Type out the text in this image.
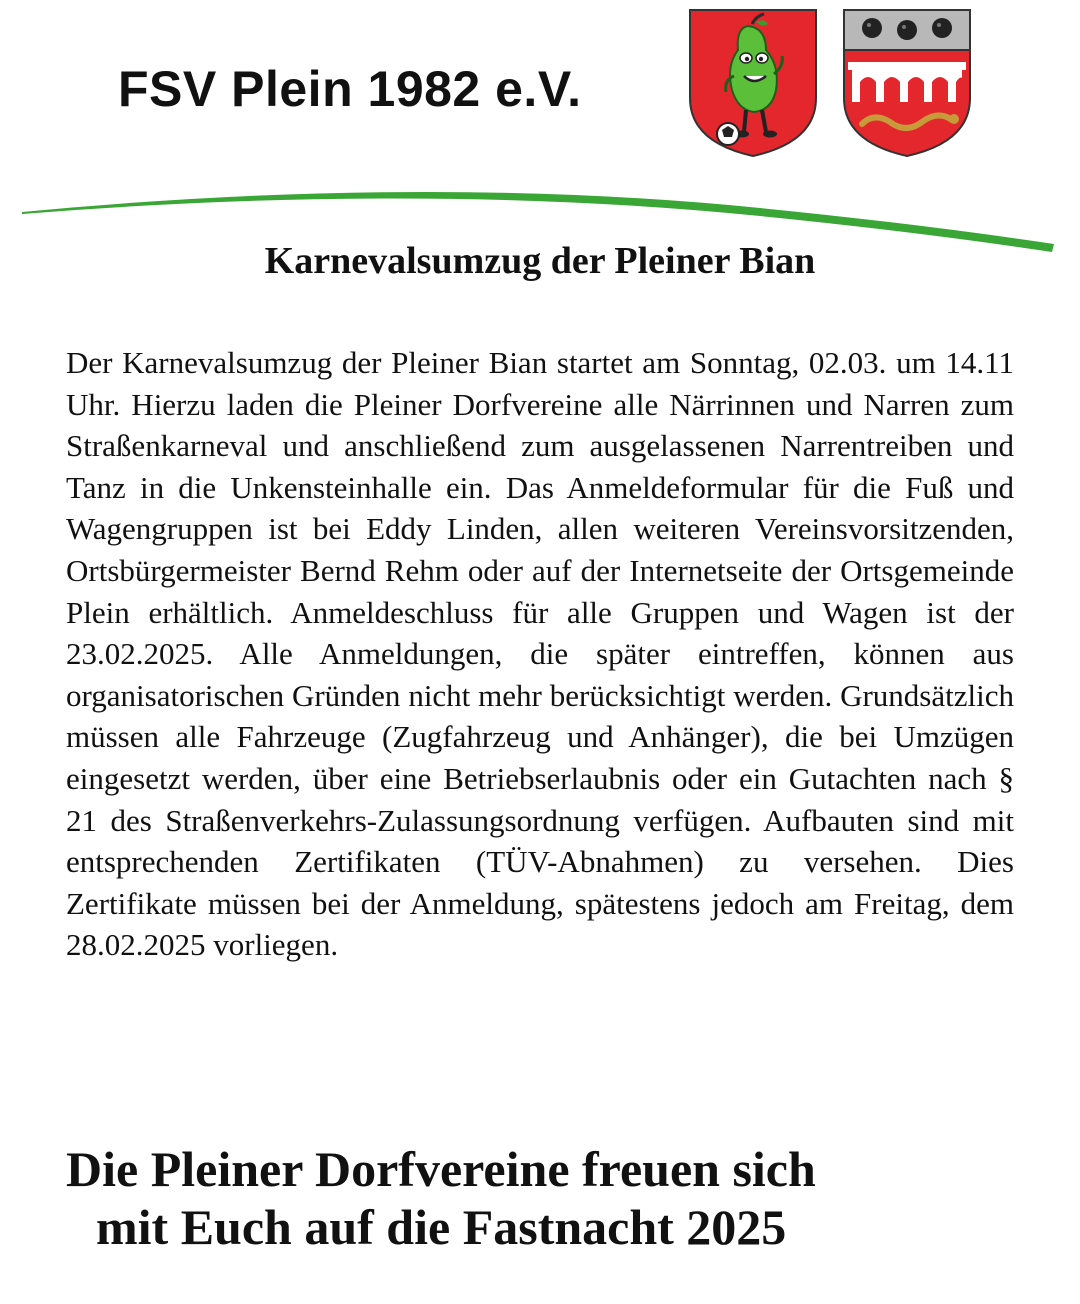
FSV Plein 1982 e.V.
Karnevalsumzug der Pleiner Bian

Der Karnevalsumzug der Pleiner Bian startet am Sonntag, 02.03. um 14.11 Uhr. Hierzu laden die Pleiner Dorfvereine alle Närrinnen und Narren zum Straßenkarneval und anschließend zum ausgelassenen Narrentreiben und Tanz in die Unkensteinhalle ein. Das Anmeldeformular für die Fuß und Wagengruppen ist bei Eddy Linden, allen weiteren Vereinsvorsitzenden, Ortsbürgermeister Bernd Rehm oder auf der Internetseite der Ortsgemeinde Plein erhältlich. Anmeldeschluss für alle Gruppen und Wagen ist der 23.02.2025. Alle Anmeldungen, die später eintreffen, können aus organisatorischen Gründen nicht mehr berücksichtigt werden. Grundsätzlich müssen alle Fahrzeuge (Zugfahrzeug und Anhänger), die bei Umzügen eingesetzt werden, über eine Betriebserlaubnis oder ein Gutachten nach § 21 des Straßenverkehrs-Zulassungsordnung verfügen. Aufbauten sind mit entsprechenden Zertifikaten (TÜV-Abnahmen) zu versehen. Dies Zertifikate müssen bei der Anmeldung, spätestens jedoch am Freitag, dem 28.02.2025 vorliegen.

Die Pleiner Dorfvereine freuen sich
mit Euch auf die Fastnacht 2025
